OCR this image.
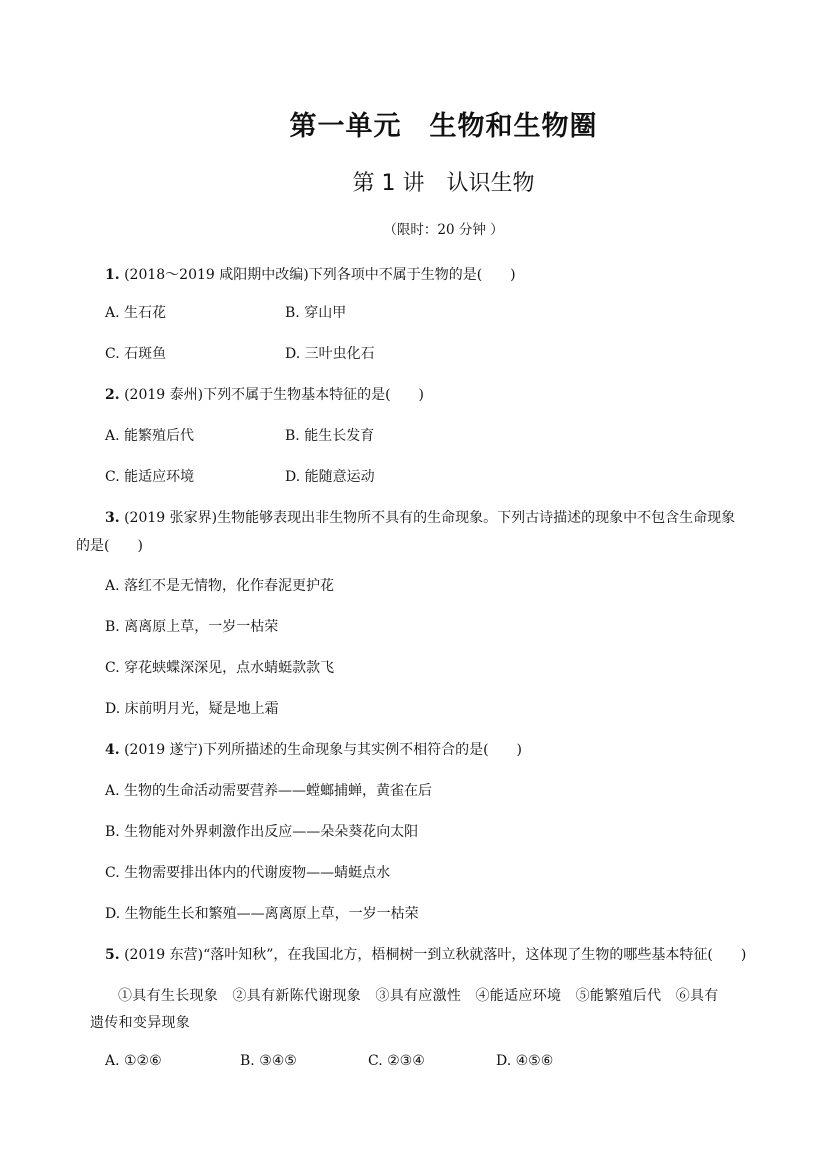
第一单元　生物和生物圈
第 1 讲　认识生物
（限时：20 分钟 ）
1. (2018～2019 咸阳期中改编)下列各项中不属于生物的是(　　)
A. 生石花	B. 穿山甲
C. 石斑鱼	D. 三叶虫化石
2. (2019 泰州)下列不属于生物基本特征的是(　　)
A. 能繁殖后代	B. 能生长发育
C. 能适应环境	D. 能随意运动
3. (2019 张家界)生物能够表现出非生物所不具有的生命现象。下列古诗描述的现象中不包含生命现象
的是(　　)
A. 落红不是无情物，化作春泥更护花
B. 离离原上草，一岁一枯荣
C. 穿花蛱蝶深深见，点水蜻蜓款款飞
D. 床前明月光，疑是地上霜
4. (2019 遂宁)下列所描述的生命现象与其实例不相符合的是(　　)
A. 生物的生命活动需要营养——螳螂捕蝉，黄雀在后
B. 生物能对外界刺激作出反应——朵朵葵花向太阳
C. 生物需要排出体内的代谢废物——蜻蜓点水
D. 生物能生长和繁殖——离离原上草，一岁一枯荣
5. (2019 东营)“落叶知秋”，在我国北方，梧桐树一到立秋就落叶，这体现了生物的哪些基本特征(　　)
①具有生长现象　②具有新陈代谢现象　③具有应激性　④能适应环境　⑤能繁殖后代　⑥具有
遗传和变异现象
A. ①②⑥	B. ③④⑤	C. ②③④	D. ④⑤⑥
